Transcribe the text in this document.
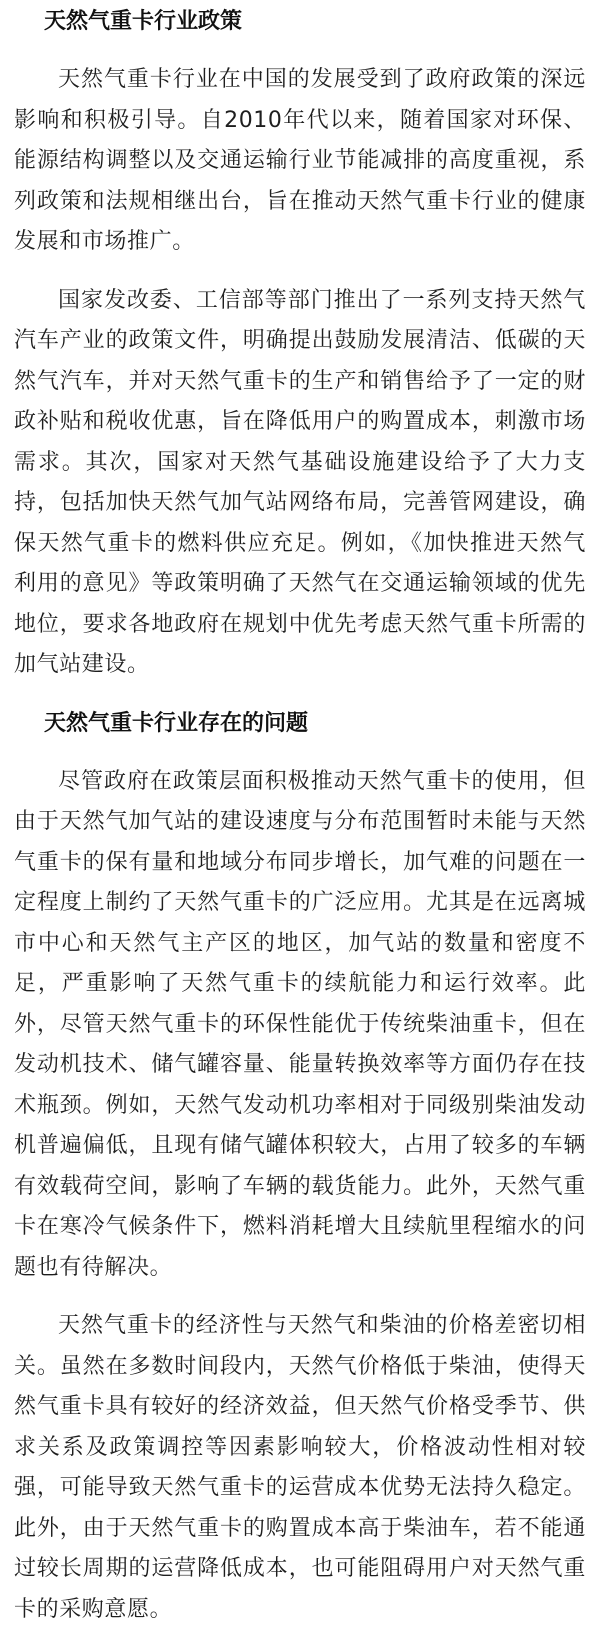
天然气重卡行业政策

天然气重卡行业在中国的发展受到了政府政策的深远影响和积极引导。自2010年代以来，随着国家对环保、能源结构调整以及交通运输行业节能减排的高度重视，系列政策和法规相继出台，旨在推动天然气重卡行业的健康发展和市场推广。

国家发改委、工信部等部门推出了一系列支持天然气汽车产业的政策文件，明确提出鼓励发展清洁、低碳的天然气汽车，并对天然气重卡的生产和销售给予了一定的财政补贴和税收优惠，旨在降低用户的购置成本，刺激市场需求。其次，国家对天然气基础设施建设给予了大力支持，包括加快天然气加气站网络布局，完善管网建设，确保天然气重卡的燃料供应充足。例如，《加快推进天然气利用的意见》等政策明确了天然气在交通运输领域的优先地位，要求各地政府在规划中优先考虑天然气重卡所需的加气站建设。

天然气重卡行业存在的问题

尽管政府在政策层面积极推动天然气重卡的使用，但由于天然气加气站的建设速度与分布范围暂时未能与天然气重卡的保有量和地域分布同步增长，加气难的问题在一定程度上制约了天然气重卡的广泛应用。尤其是在远离城市中心和天然气主产区的地区，加气站的数量和密度不足，严重影响了天然气重卡的续航能力和运行效率。此外，尽管天然气重卡的环保性能优于传统柴油重卡，但在发动机技术、储气罐容量、能量转换效率等方面仍存在技术瓶颈。例如，天然气发动机功率相对于同级别柴油发动机普遍偏低，且现有储气罐体积较大，占用了较多的车辆有效载荷空间，影响了车辆的载货能力。此外，天然气重卡在寒冷气候条件下，燃料消耗增大且续航里程缩水的问题也有待解决。

天然气重卡的经济性与天然气和柴油的价格差密切相关。虽然在多数时间段内，天然气价格低于柴油，使得天然气重卡具有较好的经济效益，但天然气价格受季节、供求关系及政策调控等因素影响较大，价格波动性相对较强，可能导致天然气重卡的运营成本优势无法持久稳定。此外，由于天然气重卡的购置成本高于柴油车，若不能通过较长周期的运营降低成本，也可能阻碍用户对天然气重卡的采购意愿。
